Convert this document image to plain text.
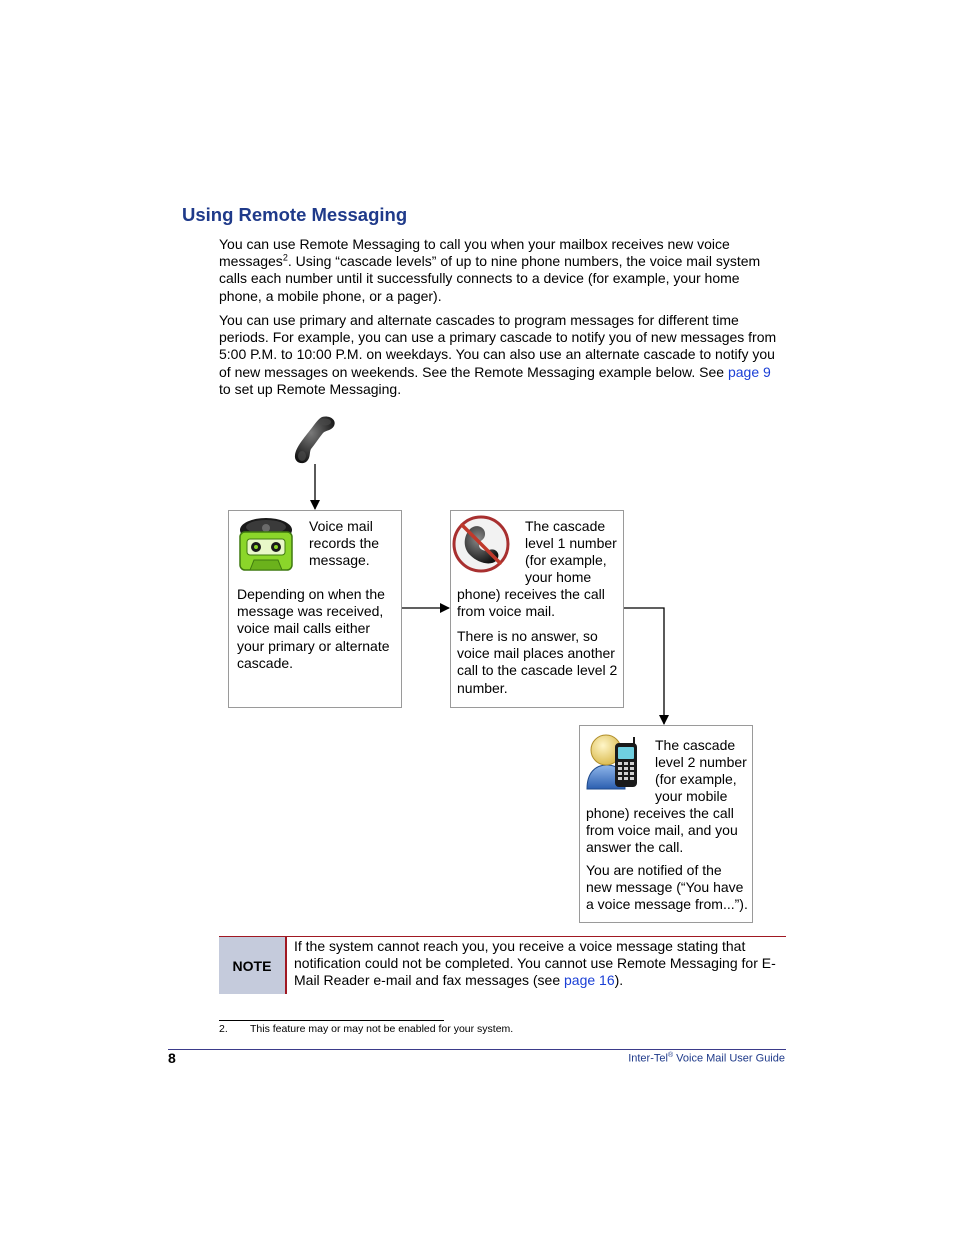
Using Remote Messaging
You can use Remote Messaging to call you when your mailbox receives new voice messages$^2$. Using “cascade levels” of up to nine phone numbers, the voice mail system calls each number until it successfully connects to a device (for example, your home phone, a mobile phone, or a pager).
You can use primary and alternate cascades to program messages for different time periods. For example, you can use a primary cascade to notify you of new messages from 5:00 P.M. to 10:00 P.M. on weekdays. You can also use an alternate cascade to notify you of new messages on weekends. See the Remote Messaging example below. See page 9 to set up Remote Messaging.
Voice mail
records the
message.
Depending on when the message was received, voice mail calls either your primary or alternate cascade.
The cascade
level 1 number
(for example,
your home
phone) receives the call from voice mail.
There is no answer, so voice mail places another call to the cascade level 2 number.
The cascade
level 2 number
(for example,
your mobile
phone) receives the call from voice mail, and you answer the call.
You are notified of the new message (“You have a voice message from...”).
NOTE
If the system cannot reach you, you receive a voice message stating that notification could not be completed. You cannot use Remote Messaging for E-Mail Reader e-mail and fax messages (see page 16).
2. This feature may or may not be enabled for your system.
8	Inter-Tel® Voice Mail User Guide
